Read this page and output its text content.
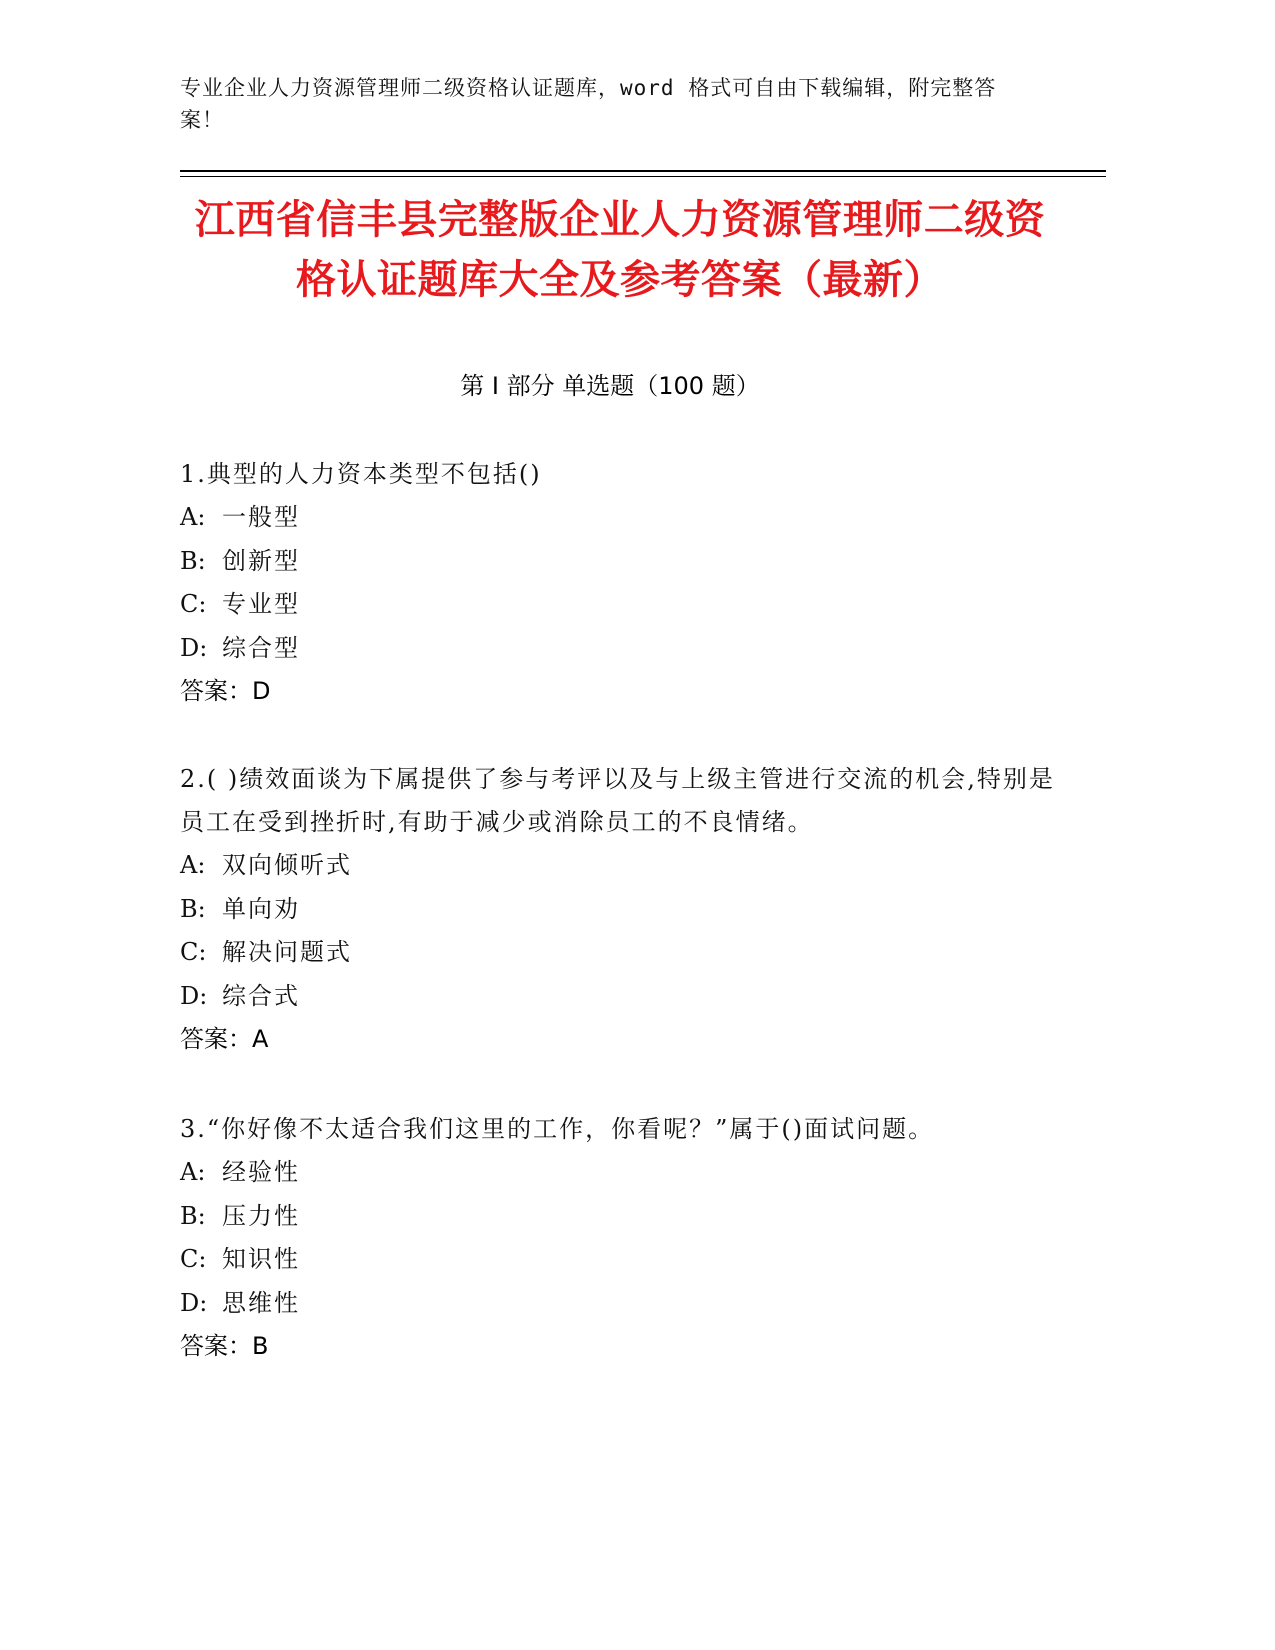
专业企业人力资源管理师二级资格认证题库，word 格式可自由下载编辑，附完整答案！
江西省信丰县完整版企业人力资源管理师二级资格认证题库大全及参考答案（最新）
第 I 部分 单选题（100 题）
1.典型的人力资本类型不包括()
A: 一般型
B: 创新型
C: 专业型
D: 综合型
答案：D
2.( )绩效面谈为下属提供了参与考评以及与上级主管进行交流的机会,特别是员工在受到挫折时,有助于减少或消除员工的不良情绪。
A: 双向倾听式
B: 单向劝
C: 解决问题式
D: 综合式
答案：A
3.“你好像不太适合我们这里的工作，你看呢？”属于()面试问题。
A: 经验性
B: 压力性
C: 知识性
D: 思维性
答案：B
